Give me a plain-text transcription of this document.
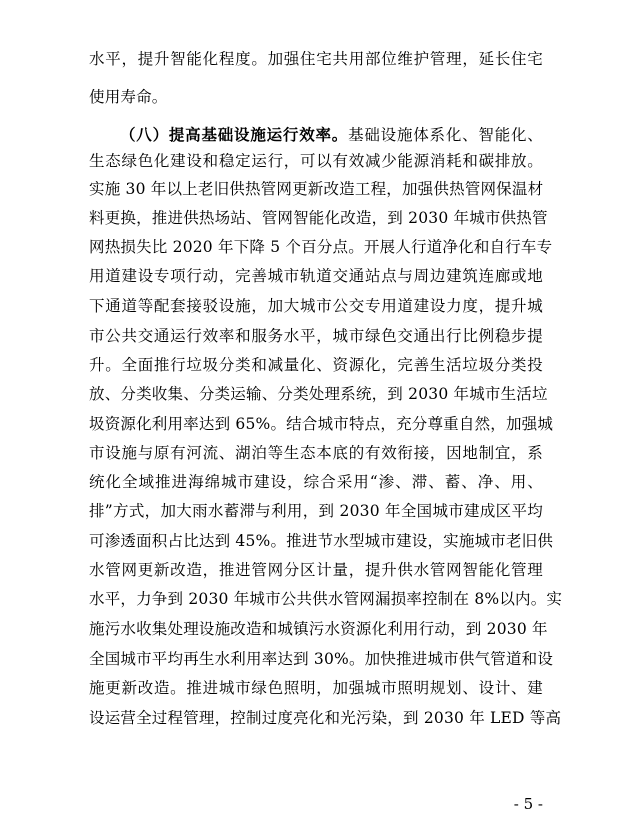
水平，提升智能化程度。加强住宅共用部位维护管理，延长住宅
使用寿命。
（八）提高基础设施运行效率。基础设施体系化、智能化、
生态绿色化建设和稳定运行，可以有效减少能源消耗和碳排放。
实施 30 年以上老旧供热管网更新改造工程，加强供热管网保温材
料更换，推进供热场站、管网智能化改造，到 2030 年城市供热管
网热损失比 2020 年下降 5 个百分点。开展人行道净化和自行车专
用道建设专项行动，完善城市轨道交通站点与周边建筑连廊或地
下通道等配套接驳设施，加大城市公交专用道建设力度，提升城
市公共交通运行效率和服务水平，城市绿色交通出行比例稳步提
升。全面推行垃圾分类和减量化、资源化，完善生活垃圾分类投
放、分类收集、分类运输、分类处理系统，到 2030 年城市生活垃
圾资源化利用率达到 65%。结合城市特点，充分尊重自然，加强城
市设施与原有河流、湖泊等生态本底的有效衔接，因地制宜，系
统化全域推进海绵城市建设，综合采用“渗、滞、蓄、净、用、
排”方式，加大雨水蓄滞与利用，到 2030 年全国城市建成区平均
可渗透面积占比达到 45%。推进节水型城市建设，实施城市老旧供
水管网更新改造，推进管网分区计量，提升供水管网智能化管理
水平，力争到 2030 年城市公共供水管网漏损率控制在 8%以内。实
施污水收集处理设施改造和城镇污水资源化利用行动，到 2030 年
全国城市平均再生水利用率达到 30%。加快推进城市供气管道和设
施更新改造。推进城市绿色照明，加强城市照明规划、设计、建
设运营全过程管理，控制过度亮化和光污染，到 2030 年 LED 等高
- 5 -
